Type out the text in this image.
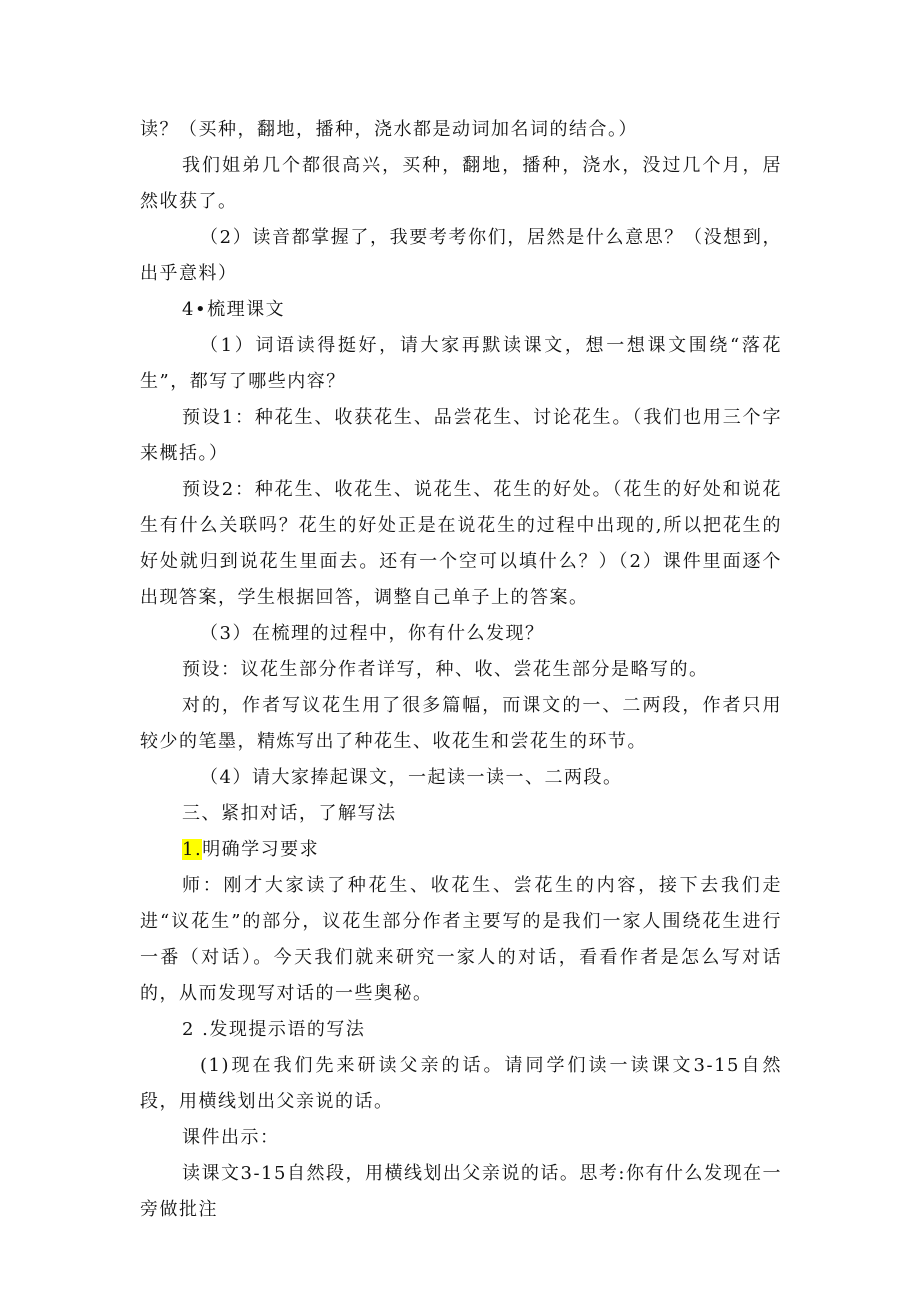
读？（买种，翻地，播种，浇水都是动词加名词的结合。）

我们姐弟几个都很高兴，买种，翻地，播种，浇水，没过几个月，居然收获了。

（2）读音都掌握了，我要考考你们，居然是什么意思？（没想到，出乎意料）

4•梳理课文

（1）词语读得挺好，请大家再默读课文，想一想课文围绕“落花生”，都写了哪些内容？

预设1：种花生、收获花生、品尝花生、讨论花生。（我们也用三个字来概括。）

预设2：种花生、收花生、说花生、花生的好处。（花生的好处和说花生有什么关联吗？花生的好处正是在说花生的过程中出现的,所以把花生的好处就归到说花生里面去。还有一个空可以填什么？）（2）课件里面逐个出现答案，学生根据回答，调整自己单子上的答案。

（3）在梳理的过程中，你有什么发现？

预设：议花生部分作者详写，种、收、尝花生部分是略写的。

对的，作者写议花生用了很多篇幅，而课文的一、二两段，作者只用较少的笔墨，精炼写出了种花生、收花生和尝花生的环节。

（4）请大家捧起课文，一起读一读一、二两段。

三、紧扣对话，了解写法

1.明确学习要求

师：刚才大家读了种花生、收花生、尝花生的内容，接下去我们走进“议花生”的部分，议花生部分作者主要写的是我们一家人围绕花生进行一番（对话）。今天我们就来研究一家人的对话，看看作者是怎么写对话的，从而发现写对话的一些奥秘。

2 .发现提示语的写法

(1)现在我们先来研读父亲的话。请同学们读一读课文3-15自然段，用横线划出父亲说的话。

课件出示：

读课文3-15自然段，用横线划出父亲说的话。思考:你有什么发现在一旁做批注
